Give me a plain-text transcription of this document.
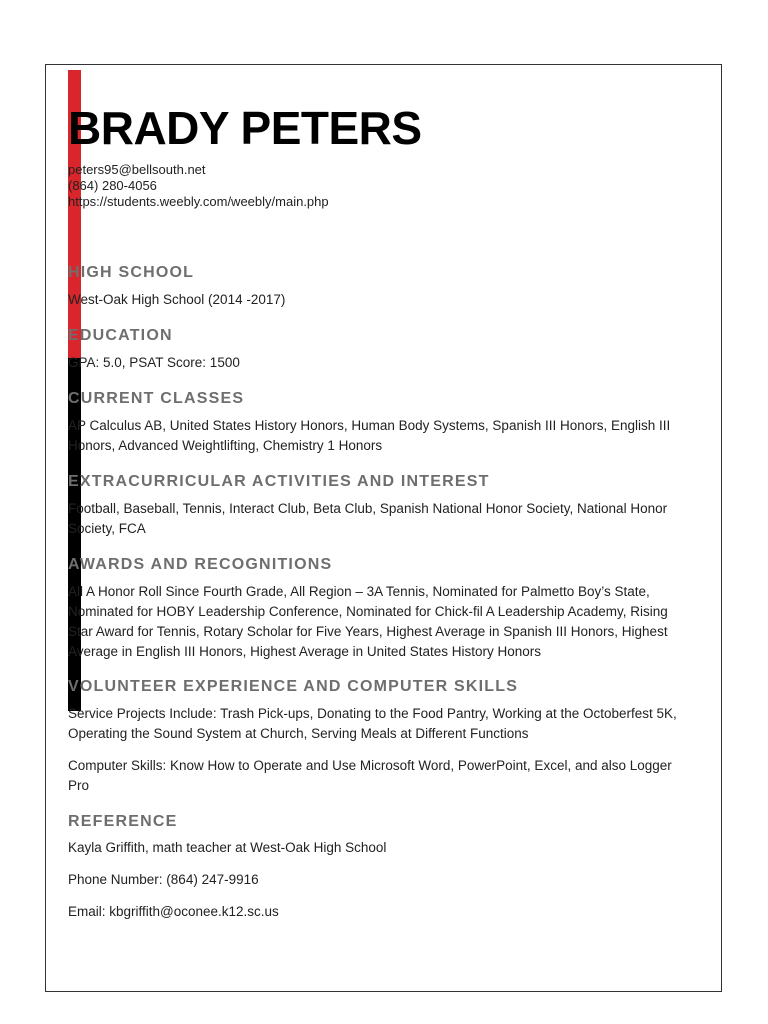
BRADY PETERS
peters95@bellsouth.net
(864) 280-4056
https://students.weebly.com/weebly/main.php
HIGH SCHOOL

West-Oak High School (2014 -2017)

EDUCATION

GPA: 5.0, PSAT Score: 1500

CURRENT CLASSES

AP Calculus AB, United States History Honors, Human Body Systems, Spanish III Honors, English III Honors, Advanced Weightlifting, Chemistry 1 Honors

EXTRACURRICULAR ACTIVITIES AND INTEREST

Football, Baseball, Tennis, Interact Club, Beta Club, Spanish National Honor Society, National Honor Society, FCA

AWARDS AND RECOGNITIONS

All A Honor Roll Since Fourth Grade, All Region – 3A Tennis, Nominated for Palmetto Boy’s State, Nominated for HOBY Leadership Conference, Nominated for Chick-fil A Leadership Academy, Rising Star Award for Tennis, Rotary Scholar for Five Years, Highest Average in Spanish III Honors, Highest Average in English III Honors, Highest Average in United States History Honors

VOLUNTEER EXPERIENCE AND COMPUTER SKILLS

Service Projects Include: Trash Pick-ups, Donating to the Food Pantry, Working at the Octoberfest 5K, Operating the Sound System at Church, Serving Meals at Different Functions

Computer Skills: Know How to Operate and Use Microsoft Word, PowerPoint, Excel, and also Logger Pro

REFERENCE

Kayla Griffith, math teacher at West-Oak High School

Phone Number: (864) 247-9916

Email: kbgriffith@oconee.k12.sc.us
